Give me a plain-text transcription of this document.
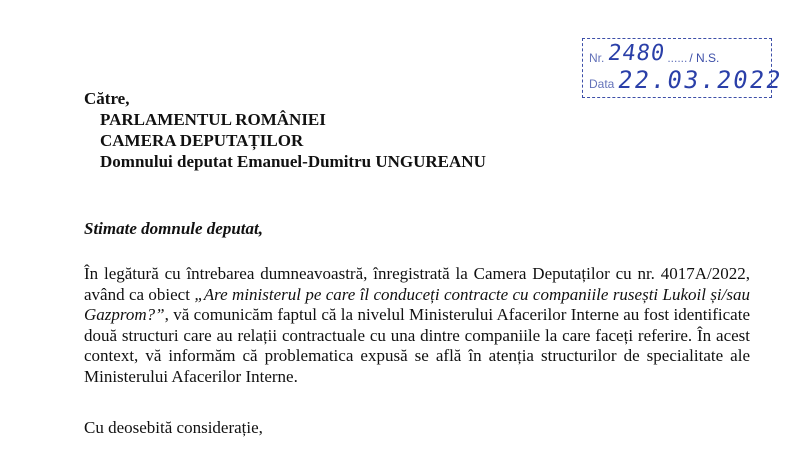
Nr. 2480 ...... / N.S.
Data 22.03.2022
Către,
PARLAMENTUL ROMÂNIEI
CAMERA DEPUTAȚILOR
Domnului deputat Emanuel-Dumitru UNGUREANU
Stimate domnule deputat,
În legătură cu întrebarea dumneavoastră, înregistrată la Camera Deputaților cu nr. 4017A/2022, având ca obiect „Are ministerul pe care îl conduceți contracte cu companiile rusești Lukoil și/sau Gazprom?”, vă comunicăm faptul că la nivelul Ministerului Afacerilor Interne au fost identificate două structuri care au relații contractuale cu una dintre companiile la care faceți referire. În acest context, vă informăm că problematica expusă se află în atenția structurilor de specialitate ale Ministerului Afacerilor Interne.
Cu deosebită considerație,
